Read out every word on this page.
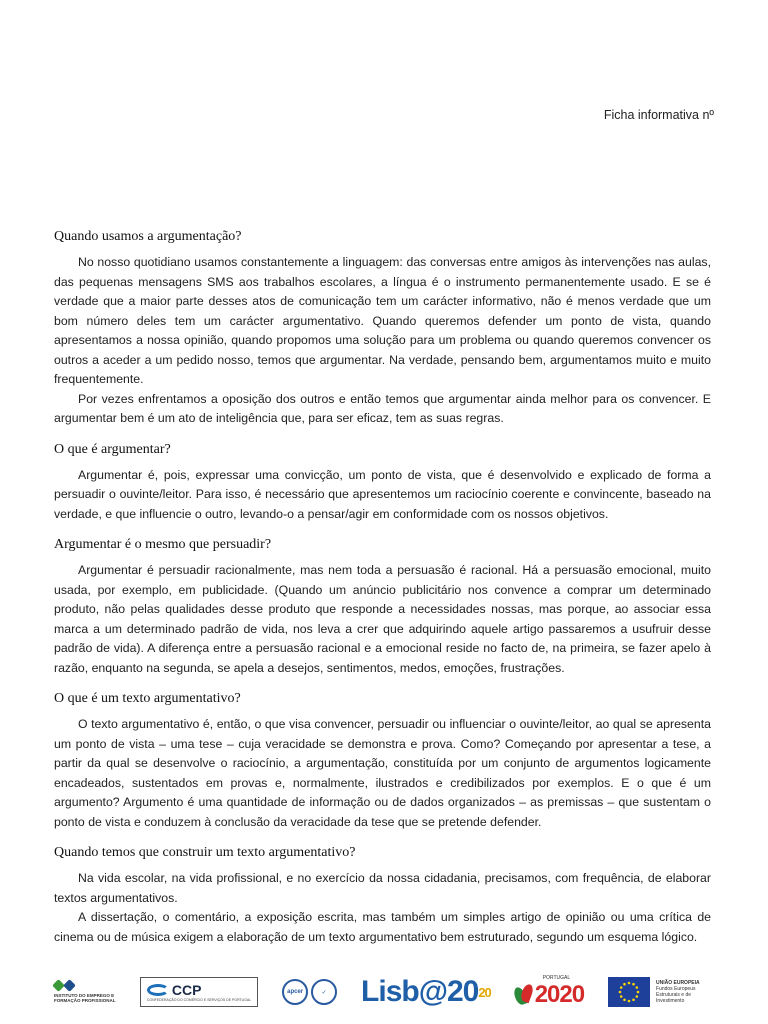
Ficha informativa nº
Quando usamos a argumentação?

No nosso quotidiano usamos constantemente a linguagem: das conversas entre amigos às intervenções nas aulas, das pequenas mensagens SMS aos trabalhos escolares, a língua é o instrumento permanentemente usado. E se é verdade que a maior parte desses atos de comunicação tem um carácter informativo, não é menos verdade que um bom número deles tem um carácter argumentativo. Quando queremos defender um ponto de vista, quando apresentamos a nossa opinião, quando propomos uma solução para um problema ou quando queremos convencer os outros a aceder a um pedido nosso, temos que argumentar. Na verdade, pensando bem, argumentamos muito e muito frequentemente.

Por vezes enfrentamos a oposição dos outros e então temos que argumentar ainda melhor para os convencer. E argumentar bem é um ato de inteligência que, para ser eficaz, tem as suas regras.

O que é argumentar?

Argumentar é, pois, expressar uma convicção, um ponto de vista, que é desenvolvido e explicado de forma a persuadir o ouvinte/leitor. Para isso, é necessário que apresentemos um raciocínio coerente e convincente, baseado na verdade, e que influencie o outro, levando-o a pensar/agir em conformidade com os nossos objetivos.

Argumentar é o mesmo que persuadir?

Argumentar é persuadir racionalmente, mas nem toda a persuasão é racional. Há a persuasão emocional, muito usada, por exemplo, em publicidade. (Quando um anúncio publicitário nos convence a comprar um determinado produto, não pelas qualidades desse produto que responde a necessidades nossas, mas porque, ao associar essa marca a um determinado padrão de vida, nos leva a crer que adquirindo aquele artigo passaremos a usufruir desse padrão de vida). A diferença entre a persuasão racional e a emocional reside no facto de, na primeira, se fazer apelo à razão, enquanto na segunda, se apela a desejos, sentimentos, medos, emoções, frustrações.

O que é um texto argumentativo?

O texto argumentativo é, então, o que visa convencer, persuadir ou influenciar o ouvinte/leitor, ao qual se apresenta um ponto de vista – uma tese – cuja veracidade se demonstra e prova. Como? Começando por apresentar a tese, a partir da qual se desenvolve o raciocínio, a argumentação, constituída por um conjunto de argumentos logicamente encadeados, sustentados em provas e, normalmente, ilustrados e credibilizados por exemplos. E o que é um argumento? Argumento é uma quantidade de informação ou de dados organizados – as premissas – que sustentam o ponto de vista e conduzem à conclusão da veracidade da tese que se pretende defender.

Quando temos que construir um texto argumentativo?

Na vida escolar, na vida profissional, e no exercício da nossa cidadania, precisamos, com frequência, de elaborar textos argumentativos.

A dissertação, o comentário, a exposição escrita, mas também um simples artigo de opinião ou uma crítica de cinema ou de música exigem a elaboração de um texto argumentativo bem estruturado, segundo um esquema lógico.

INSTITUTO DO EMPREGO E FORMAÇÃO PROFISSIONAL
CCP
CONFEDERAÇÃO DO COMÉRCIO E SERVIÇOS DE PORTUGAL
apcer	✓	Lisb@20 20
PORTUGAL
2020	UNIÃO EUROPEIA
Fundos Europeus Estruturais e de Investimento
